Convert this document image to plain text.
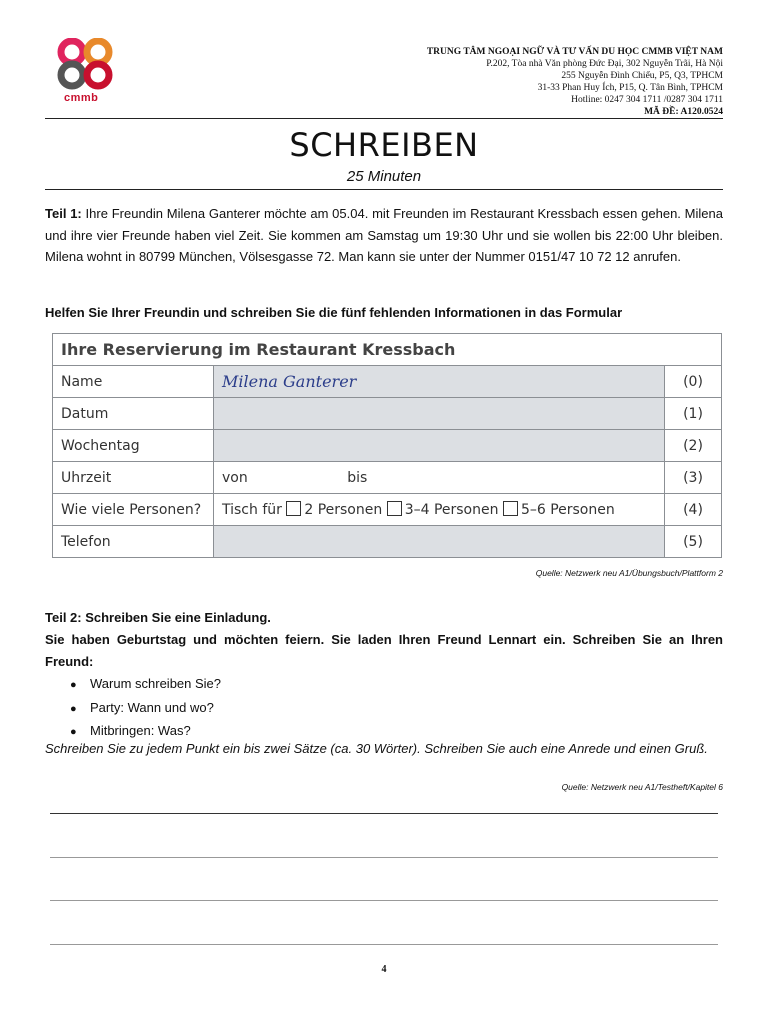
cmmb
TRUNG TÂM NGOẠI NGỮ VÀ TƯ VẤN DU HỌC CMMB VIỆT NAM
P.202, Tòa nhà Văn phòng Đức Đại, 302 Nguyễn Trãi, Hà Nội
255 Nguyễn Đình Chiểu, P5, Q3, TPHCM
31-33 Phan Huy Ích, P15, Q. Tân Bình, TPHCM
Hotline: 0247 304 1711 /0287 304 1711
MÃ ĐỀ: A120.0524
SCHREIBEN
25 Minuten
Teil 1: Ihre Freundin Milena Ganterer möchte am 05.04. mit Freunden im Restaurant Kressbach essen gehen. Milena und ihre vier Freunde haben viel Zeit. Sie kommen am Samstag um 19:30 Uhr und sie wollen bis 22:00 Uhr bleiben. Milena wohnt in 80799 München, Völsesgasse 72. Man kann sie unter der Nummer 0151/47 10 72 12 anrufen.
Helfen Sie Ihrer Freundin und schreiben Sie die fünf fehlenden Informationen in das Formular
Ihre Reservierung im Restaurant Kressbach		
Name	Milena Ganterer	(0)
Datum		(1)
Wochentag		(2)
Uhrzeit	von bis	(3)
Wie viele Personen?	Tisch für 2 Personen 3–4 Personen 5–6 Personen	(4)
Telefon		(5)
Quelle: Netzwerk neu A1/Übungsbuch/Plattform 2
Teil 2: Schreiben Sie eine Einladung.
Sie haben Geburtstag und möchten feiern. Sie laden Ihren Freund Lennart ein. Schreiben Sie an Ihren Freund:
● Warum schreiben Sie?
● Party: Wann und wo?
● Mitbringen: Was?
Schreiben Sie zu jedem Punkt ein bis zwei Sätze (ca. 30 Wörter). Schreiben Sie auch eine Anrede und einen Gruß.
Quelle: Netzwerk neu A1/Testheft/Kapitel 6
4
